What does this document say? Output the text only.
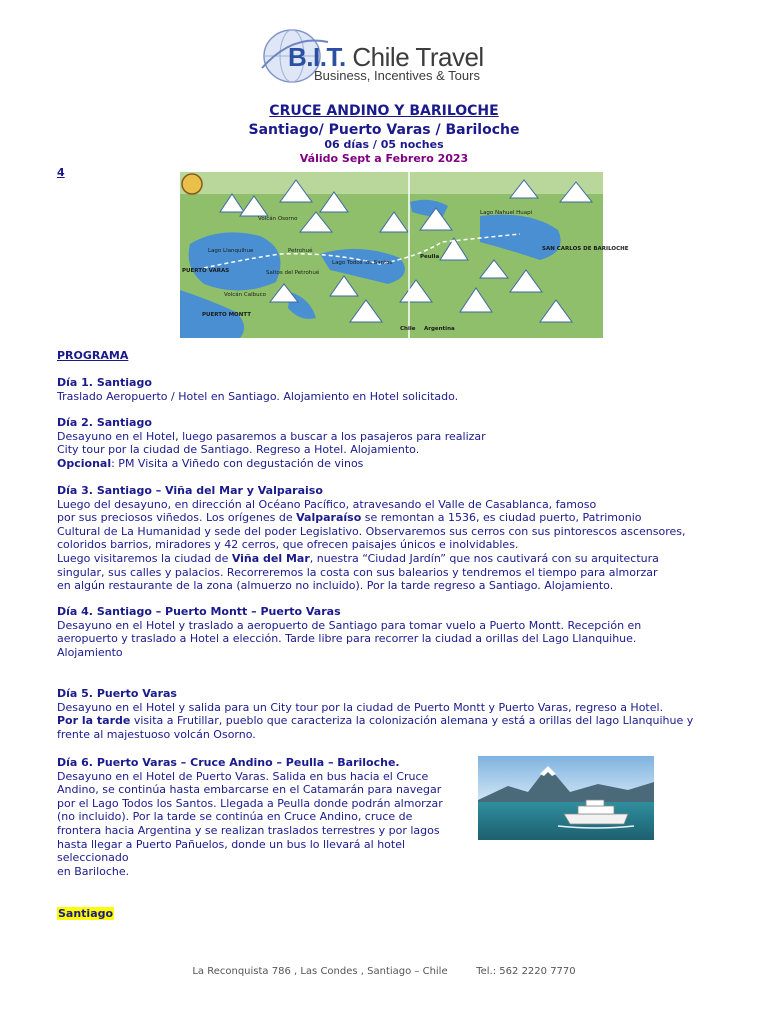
B.I.T. Chile Travel
Business, Incentives & Tours
CRUCE ANDINO Y BARILOCHE
Santiago/ Puerto Varas / Bariloche
06 días / 05 noches
Válido Sept a Febrero 2023
4
PUERTO VARAS
PUERTO MONTT
Lago Llanquihue
Lago Todos los Santos
Peulla
SAN CARLOS DE BARILOCHE
Chile Argentina
Lago Nahuel Huapi
Petrohué
Saltos del Petrohué
Volcán Osorno
Volcán Calbuco
PROGRAMA
Día 1. Santiago
Traslado Aeropuerto / Hotel en Santiago. Alojamiento en Hotel solicitado.
Día 2. Santiago
Desayuno en el Hotel, luego pasaremos a buscar a los pasajeros para realizar
City tour por la ciudad de Santiago. Regreso a Hotel. Alojamiento.
Opcional: PM Visita a Viñedo con degustación de vinos
Día 3. Santiago – Viña del Mar y Valparaiso
Luego del desayuno, en dirección al Océano Pacífico, atravesando el Valle de Casablanca, famoso
por sus preciosos viñedos. Los orígenes de Valparaíso se remontan a 1536, es ciudad puerto, Patrimonio
Cultural de La Humanidad y sede del poder Legislativo. Observaremos sus cerros con sus pintorescos ascensores,
coloridos barrios, miradores y 42 cerros, que ofrecen paisajes únicos e inolvidables.
Luego visitaremos la ciudad de Viña del Mar, nuestra “Ciudad Jardín” que nos cautivará con su arquitectura
singular, sus calles y palacios. Recorreremos la costa con sus balearios y tendremos el tiempo para almorzar
en algún restaurante de la zona (almuerzo no incluido). Por la tarde regreso a Santiago. Alojamiento.
Día 4. Santiago – Puerto Montt – Puerto Varas
Desayuno en el Hotel y traslado a aeropuerto de Santiago para tomar vuelo a Puerto Montt. Recepción en
aeropuerto y traslado a Hotel a elección. Tarde libre para recorrer la ciudad a orillas del Lago Llanquihue.
Alojamiento
Día 5. Puerto Varas
Desayuno en el Hotel y salida para un City tour por la ciudad de Puerto Montt y Puerto Varas, regreso a Hotel.
Por la tarde visita a Frutillar, pueblo que caracteriza la colonización alemana y está a orillas del lago Llanquihue y
frente al majestuoso volcán Osorno.
Día 6. Puerto Varas – Cruce Andino – Peulla – Bariloche.
Desayuno en el Hotel de Puerto Varas. Salida en bus hacia el Cruce
Andino, se continúa hasta embarcarse en el Catamarán para navegar
por el Lago Todos los Santos. Llegada a Peulla donde podrán almorzar
(no incluido). Por la tarde se continúa en Cruce Andino, cruce de
frontera hacia Argentina y se realizan traslados terrestres y por lagos
hasta llegar a Puerto Pañuelos, donde un bus lo llevará al hotel
seleccionado
en Bariloche.
Santiago
La Reconquista 786 , Las Condes , Santiago – Chile	Tel.: 562 2220 7770
